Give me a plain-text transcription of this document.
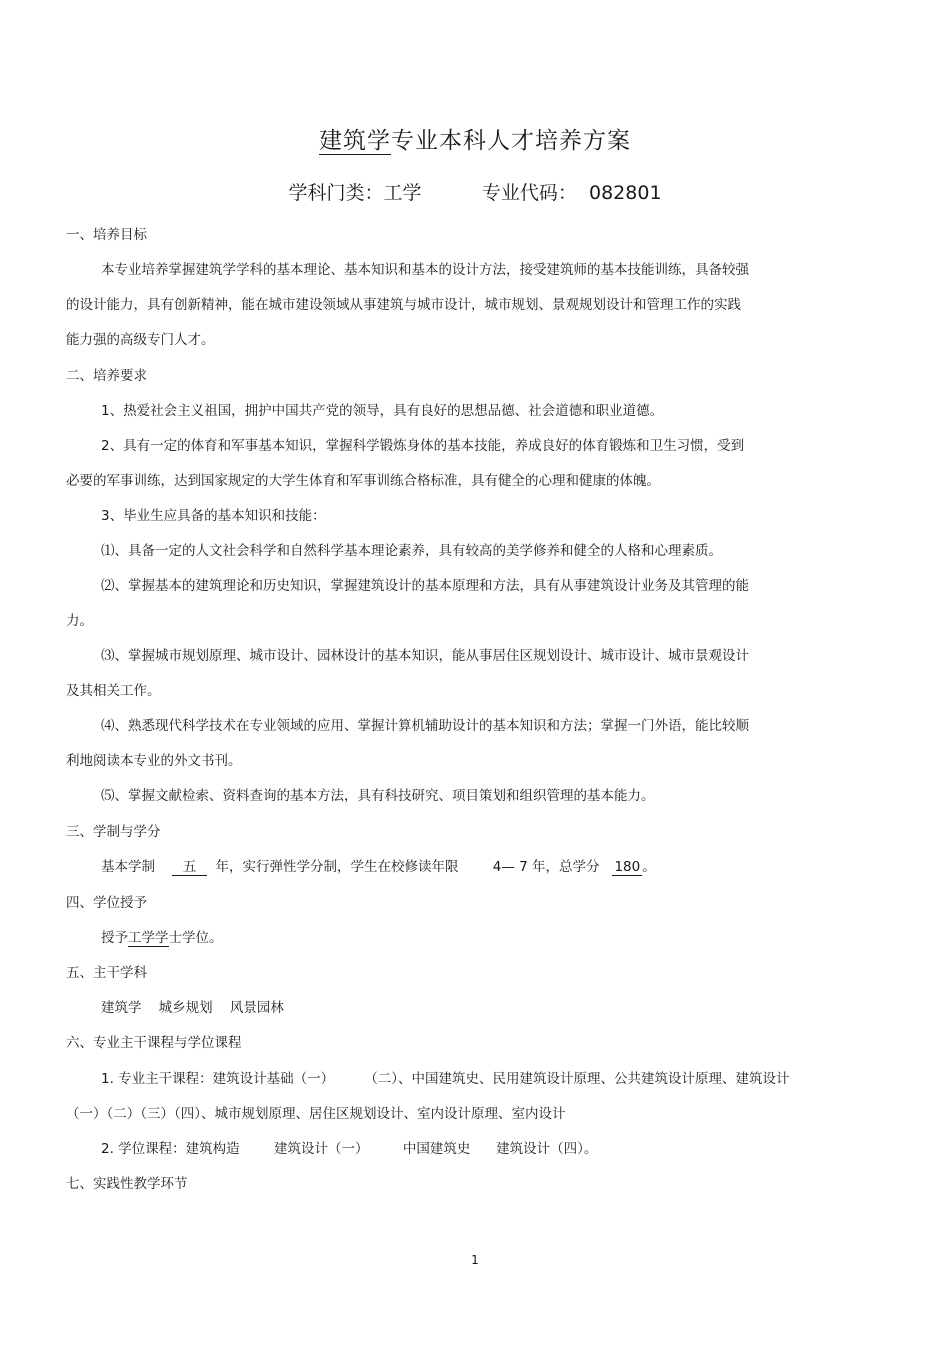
建筑学专业本科人才培养方案
学科门类：工学	专业代码： 082801
一、培养目标
本专业培养掌握建筑学学科的基本理论、基本知识和基本的设计方法，接受建筑师的基本技能训练，具备较强
的设计能力，具有创新精神，能在城市建设领域从事建筑与城市设计，城市规划、景观规划设计和管理工作的实践
能力强的高级专门人才。
二、培养要求
1、热爱社会主义祖国，拥护中国共产党的领导，具有良好的思想品德、社会道德和职业道德。
2、具有一定的体育和军事基本知识，掌握科学锻炼身体的基本技能，养成良好的体育锻炼和卫生习惯，受到
必要的军事训练，达到国家规定的大学生体育和军事训练合格标准，具有健全的心理和健康的体魄。
3、毕业生应具备的基本知识和技能：
⑴、具备一定的人文社会科学和自然科学基本理论素养，具有较高的美学修养和健全的人格和心理素质。
⑵、掌握基本的建筑理论和历史知识，掌握建筑设计的基本原理和方法，具有从事建筑设计业务及其管理的能
力。
⑶、掌握城市规划原理、城市设计、园林设计的基本知识，能从事居住区规划设计、城市设计、城市景观设计
及其相关工作。
⑷、熟悉现代科学技术在专业领域的应用、掌握计算机辅助设计的基本知识和方法；掌握一门外语，能比较顺
利地阅读本专业的外文书刊。
⑸、掌握文献检索、资料查询的基本方法，具有科技研究、项目策划和组织管理的基本能力。
三、学制与学分
基本学制 五 年，实行弹性学分制，学生在校修读年限	4— 7 年，总学分 180 。
四、学位授予
授予工学学士学位。
五、主干学科
建筑学 城乡规划 风景园林
六、专业主干课程与学位课程
1. 专业主干课程：建筑设计基础（一） （二）、中国建筑史、民用建筑设计原理、公共建筑设计原理、建筑设计
（一）（二）（三）（四）、城市规划原理、居住区规划设计、室内设计原理、室内设计
2. 学位课程：建筑构造	建筑设计（一）	中国建筑史 建筑设计（四）。
七、实践性教学环节
1
